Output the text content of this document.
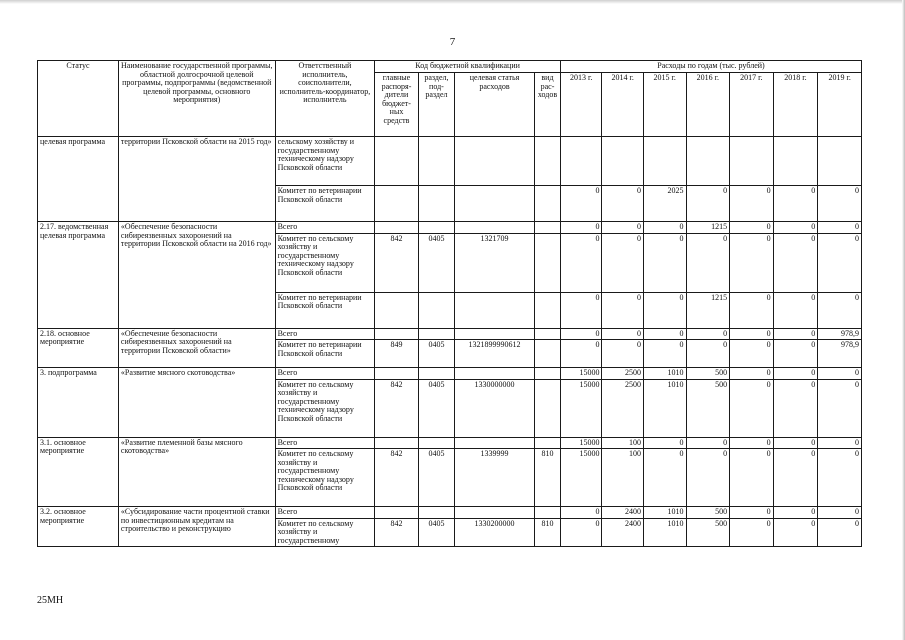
7
Статус	Наименование государственной программы, областной долгосрочной целевой программы, подпрограммы (ведомственной целевой программы, основного мероприятия)	Ответственный исполнитель, соисполнители, исполнитель-координатор, исполнитель	Код бюджетной квалификации				Расходы по годам (тыс. рублей)						
			главные распоря-дители бюджет-ных средств	раздел, под-раздел	целевая статья расходов	вид рас-ходов	2013 г.	2014 г.	2015 г.	2016 г.	2017 г.	2018 г.	2019 г.
целевая программа	территории Псковской области на 2015 год»	сельскому хозяйству и государственному техническому надзору Псковской области											
		Комитет по ветеринарии Псковской области					0	0	2025	0	0	0	0
2.17. ведомственная целевая программа	«Обеспечение безопасности сибиреязвенных захоронений на территории Псковской области на 2016 год»	Всего					0	0	0	1215	0	0	0
		Комитет по сельскому хозяйству и государственному техническому надзору Псковской области	842	0405	1321709		0	0	0	0	0	0	0
		Комитет по ветеринарии Псковской области					0	0	0	1215	0	0	0
2.18. основное мероприятие	«Обеспечение безопасности сибиреязвенных захоронений на территории Псковской области»	Всего					0	0	0	0	0	0	978,9
		Комитет по ветеринарии Псковской области	849	0405	1321899990612		0	0	0	0	0	0	978,9
3. подпрограмма	«Развитие мясного скотоводства»	Всего					15000	2500	1010	500	0	0	0
		Комитет по сельскому хозяйству и государственному техническому надзору Псковской области	842	0405	1330000000		15000	2500	1010	500	0	0	0
3.1. основное мероприятие	«Развитие племенной базы мясного скотоводства»	Всего					15000	100	0	0	0	0	0
		Комитет по сельскому хозяйству и государственному техническому надзору Псковской области	842	0405	1339999	810	15000	100	0	0	0	0	0
3.2. основное мероприятие	«Субсидирование части процентной ставки по инвестиционным кредитам на строительство и реконструкцию	Всего					0	2400	1010	500	0	0	0
		Комитет по сельскому хозяйству и государственному	842	0405	1330200000	810	0	2400	1010	500	0	0	0
25МН
